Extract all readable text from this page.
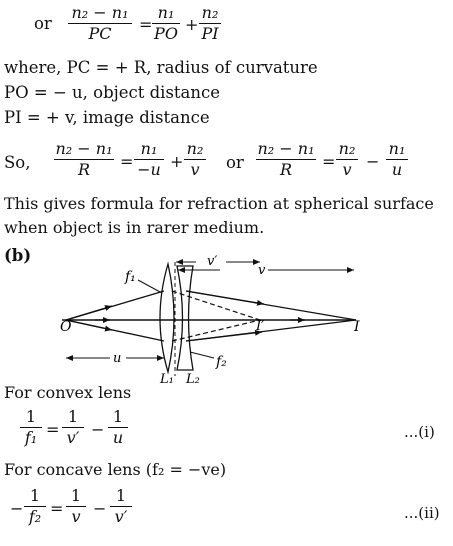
or
n₂ − n₁
PC	=
n₁
PO +
n₂
PI
where, PC = + R, radius of curvature
PO = − u, object distance
PI = + v, image distance
So,
n₂ − n₁
R	=
n₁
−u +
n₂
v	or
n₂ − n₁
R	=
n₂
v −
n₁
u
This gives formula for refraction at spherical surface
when object is in rarer medium.
(b)	v′
v
f₁
O	I′	I
u	f₂
L₁ L₂
For convex lens
1
f₁ =
1
v′ −
1
u	...(i)
For concave lens (f₂ = −ve)
−
1
f₂ =
1
v −
1
v′	...(ii)
